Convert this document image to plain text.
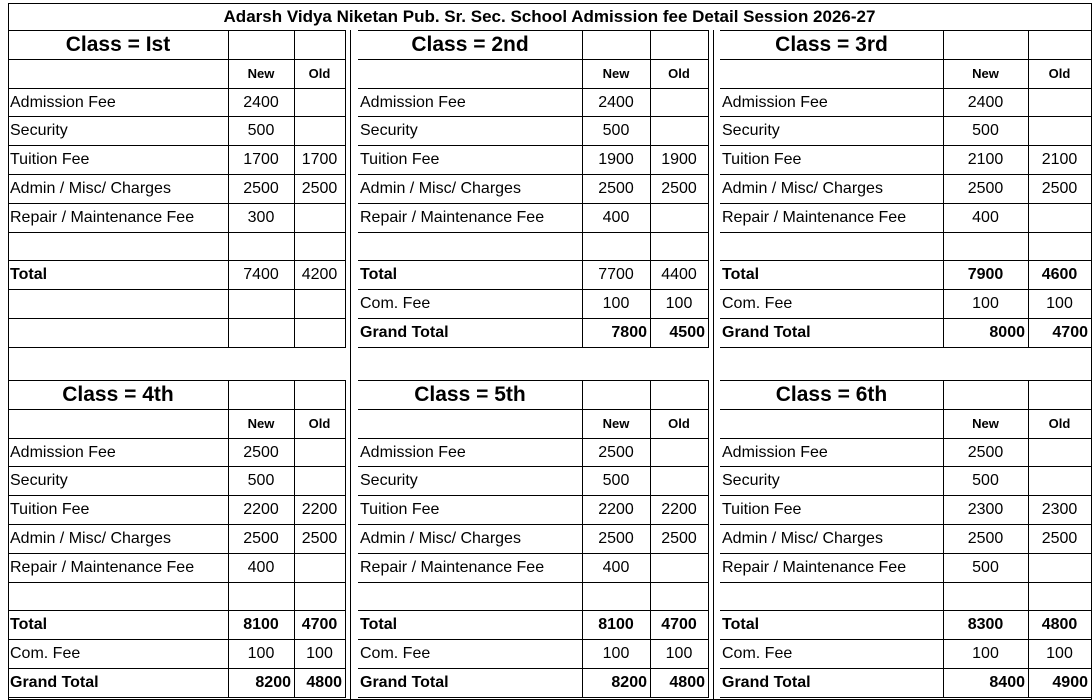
Adarsh Vidya Niketan Pub. Sr. Sec. School Admission fee Detail Session 2026-27
Class = Ist
New	Old
Admission Fee	2400
Security	500
Tuition Fee	1700	1700
Admin / Misc/ Charges	2500	2500
Repair / Maintenance Fee	300
Total	7400	4200
Class = 2nd
New	Old
Admission Fee	2400
Security	500
Tuition Fee	1900	1900
Admin / Misc/ Charges	2500	2500
Repair / Maintenance Fee	400
Total	7700	4400
Com. Fee	100	100
Grand Total	7800	4500
Class = 3rd
New	Old
Admission Fee	2400
Security	500
Tuition Fee	2100	2100
Admin / Misc/ Charges	2500	2500
Repair / Maintenance Fee	400
Total	7900	4600
Com. Fee	100	100
Grand Total	8000	4700
Class = 4th
New	Old
Admission Fee	2500
Security	500
Tuition Fee	2200	2200
Admin / Misc/ Charges	2500	2500
Repair / Maintenance Fee	400
Total	8100	4700
Com. Fee	100	100
Grand Total	8200 4800
Class = 5th
New	Old
Admission Fee	2500
Security	500
Tuition Fee	2200	2200
Admin / Misc/ Charges	2500	2500
Repair / Maintenance Fee	400
Total	8100	4700
Com. Fee	100	100
Grand Total	8200	4800
Class = 6th
New	Old
Admission Fee	2500
Security	500
Tuition Fee	2300	2300
Admin / Misc/ Charges	2500	2500
Repair / Maintenance Fee	500
Total	8300	4800
Com. Fee	100	100
Grand Total	8400	4900
